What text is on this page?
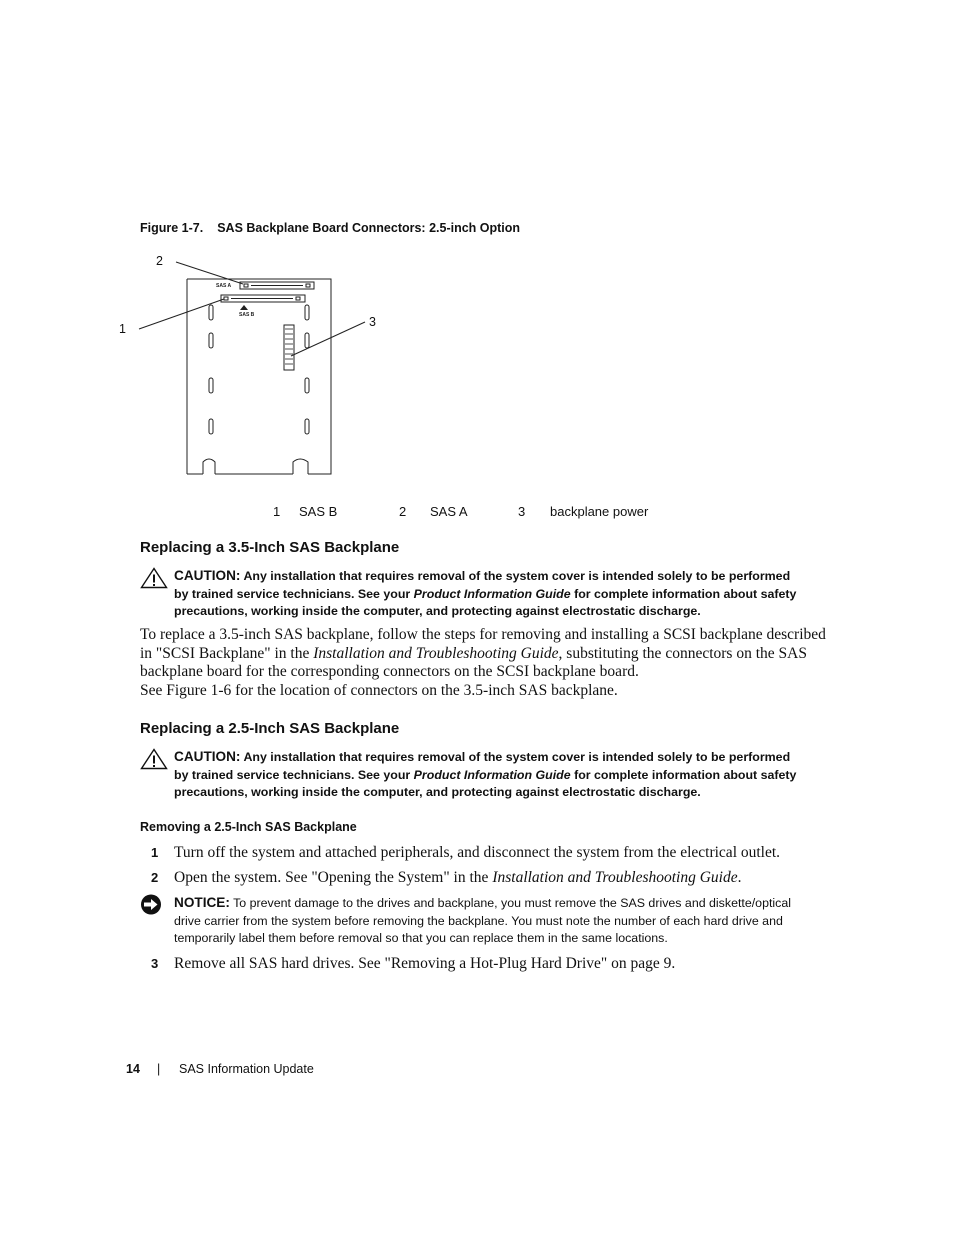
Figure 1-7. SAS Backplane Board Connectors: 2.5-inch Option
SAS A
SAS B
2
1	3
1 SAS B	2 SAS A	3 backplane power
Replacing a 3.5-Inch SAS Backplane
CAUTION: Any installation that requires removal of the system cover is intended solely to be performed by trained service technicians. See your Product Information Guide for complete information about safety precautions, working inside the computer, and protecting against electrostatic discharge.
To replace a 3.5-inch SAS backplane, follow the steps for removing and installing a SCSI backplane described in "SCSI Backplane" in the Installation and Troubleshooting Guide, substituting the connectors on the SAS backplane board for the corresponding connectors on the SCSI backplane board.
See Figure 1-6 for the location of connectors on the 3.5-inch SAS backplane.
Replacing a 2.5-Inch SAS Backplane
CAUTION: Any installation that requires removal of the system cover is intended solely to be performed by trained service technicians. See your Product Information Guide for complete information about safety precautions, working inside the computer, and protecting against electrostatic discharge.
Removing a 2.5-Inch SAS Backplane
1 Turn off the system and attached peripherals, and disconnect the system from the electrical outlet.
2 Open the system. See "Opening the System" in the Installation and Troubleshooting Guide.
NOTICE: To prevent damage to the drives and backplane, you must remove the SAS drives and diskette/optical drive carrier from the system before removing the backplane. You must note the number of each hard drive and temporarily label them before removal so that you can replace them in the same locations.
3 Remove all SAS hard drives. See "Removing a Hot-Plug Hard Drive" on page 9.
14 | SAS Information Update
